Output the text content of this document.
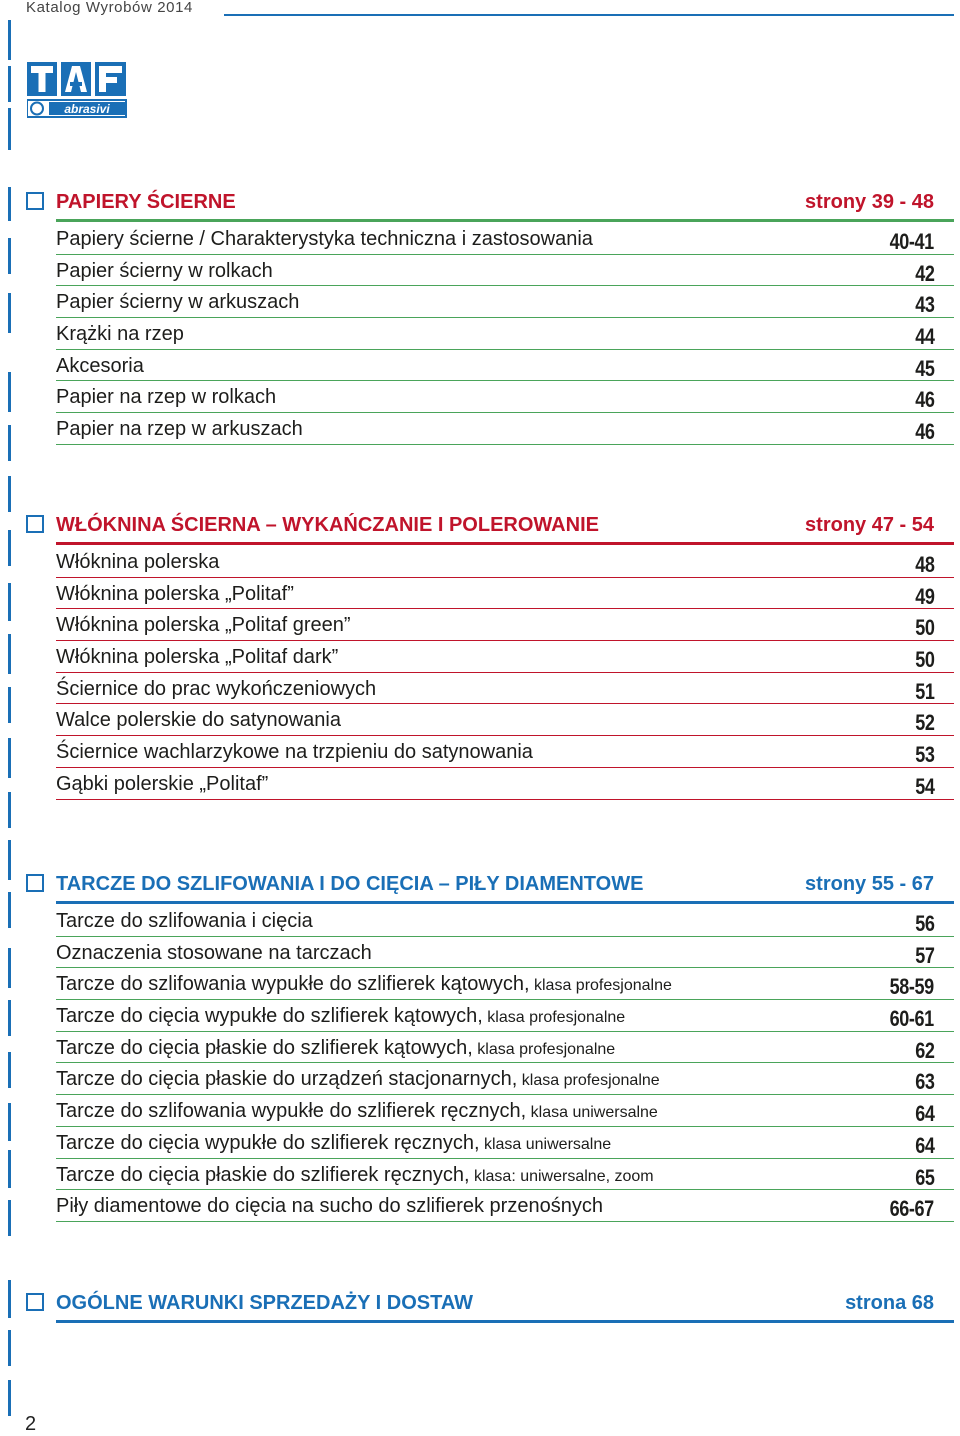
Katalog Wyrobów 2014
abrasivi
PAPIERY ŚCIERNE	strony 39 - 48
Papiery ścierne / Charakterystyka techniczna i zastosowania	40-41
Papier ścierny w rolkach	42
Papier ścierny w arkuszach	43
Krążki na rzep	44
Akcesoria	45
Papier na rzep w rolkach	46
Papier na rzep w arkuszach	46
WŁÓKNINA ŚCIERNA – WYKAŃCZANIE I POLEROWANIE	strony 47 - 54
Włóknina polerska	48
Włóknina polerska „Politaf”	49
Włóknina polerska „Politaf green”	50
Włóknina polerska „Politaf dark”	50
Ściernice do prac wykończeniowych	51
Walce polerskie do satynowania	52
Ściernice wachlarzykowe na trzpieniu do satynowania	53
Gąbki polerskie „Politaf”	54
TARCZE DO SZLIFOWANIA I DO CIĘCIA – PIŁY DIAMENTOWE	strony 55 - 67
Tarcze do szlifowania i cięcia	56
Oznaczenia stosowane na tarczach	57
Tarcze do szlifowania wypukłe do szlifierek kątowych, klasa profesjonalne	58-59
Tarcze do cięcia wypukłe do szlifierek kątowych, klasa profesjonalne	60-61
Tarcze do cięcia płaskie do szlifierek kątowych, klasa profesjonalne	62
Tarcze do cięcia płaskie do urządzeń stacjonarnych, klasa profesjonalne	63
Tarcze do szlifowania wypukłe do szlifierek ręcznych, klasa uniwersalne	64
Tarcze do cięcia wypukłe do szlifierek ręcznych, klasa uniwersalne	64
Tarcze do cięcia płaskie do szlifierek ręcznych, klasa: uniwersalne, zoom	65
Piły diamentowe do cięcia na sucho do szlifierek przenośnych	66-67
OGÓLNE WARUNKI SPRZEDAŻY I DOSTAW	strona 68
2
